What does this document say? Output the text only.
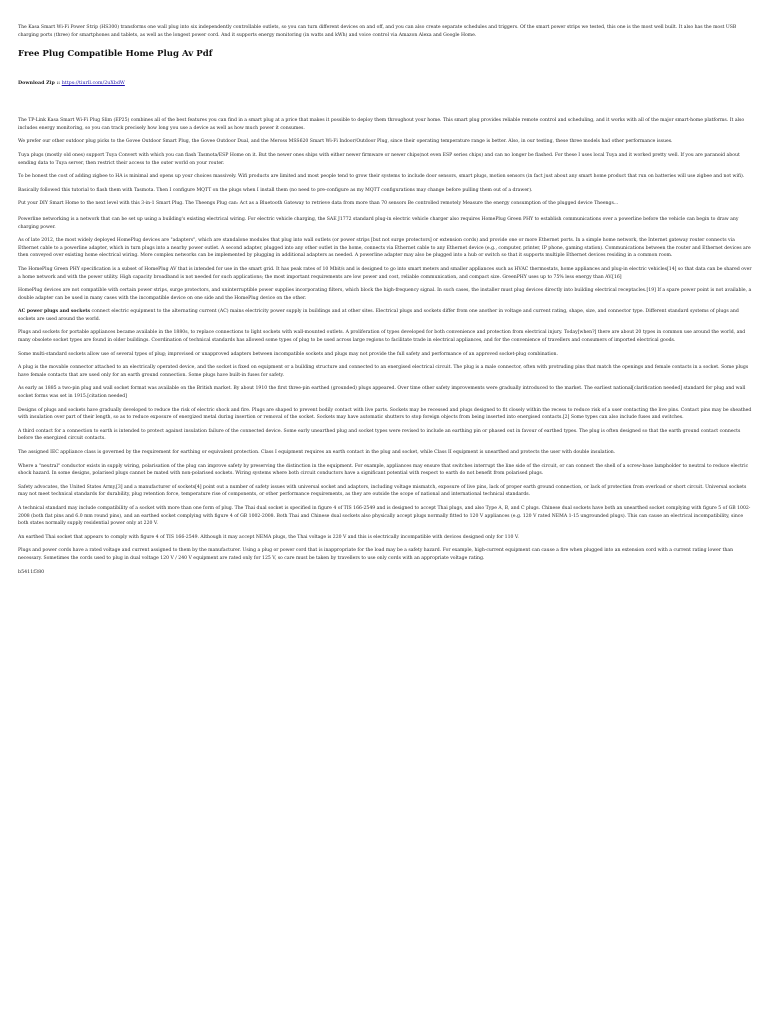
The Kasa Smart Wi-Fi Power Strip (HS300) transforms one wall plug into six independently controllable outlets, so you can turn different devices on and off, and you can also create separate schedules and triggers. Of the smart power strips we tested, this one is the most well built. It also has the most USB charging ports (three) for smartphones and tablets, as well as the longest power cord. And it supports energy monitoring (in watts and kWh) and voice control via Amazon Alexa and Google Home.

Free Plug Compatible Home Plug Av Pdf
Download Zip :: https://tiurll.com/2uXbdW

The TP-Link Kasa Smart Wi-Fi Plug Slim (EP25) combines all of the best features you can find in a smart plug at a price that makes it possible to deploy them throughout your home. This smart plug provides reliable remote control and scheduling, and it works with all of the major smart-home platforms. It also includes energy monitoring, so you can track precisely how long you use a device as well as how much power it consumes.

We prefer our other outdoor plug picks to the Govee Outdoor Smart Plug, the Govee Outdoor Dual, and the Meross MSS620 Smart Wi-Fi Indoor/Outdoor Plug, since their operating temperature range is better. Also, in our testing, these three models had other performance issues.

Tuya plugs (mostly old ones) support Tuya Convert with which you can flash Tasmota/ESP Home on it. But the newer ones ships with either newer firmware or newer chips(not even ESP series chips) and can no longer be flashed. For these I uses local Tuya and it worked pretty well. If you are paranoid about sending data to Tuya server, then restrict their access to the outer world on your router.

To be honest the cost of adding zigbee to HA is minimal and opens up your choices massively. Wifi products are limited and most people tend to grow their systems to include door sensors, smart plugs, motion sensors (in fact just about any smart home product that run on batteries will use zigbee and not wifi).

Basically followed this tutorial to flash them with Tasmota. Then I configure MQTT on the plugs when I install them (no need to pre-configure as my MQTT configurations may change before pulling them out of a drawer).

Put your DIY Smart Home to the next level with this 3-in-1 Smart Plug. The Theengs Plug can: Act as a Bluetooth Gateway to retrieve data from more than 70 sensors Be controlled remotely Measure the energy consumption of the plugged device Theengs...

Powerline networking is a network that can be set up using a building's existing electrical wiring. For electric vehicle charging, the SAE J1772 standard plug-in electric vehicle charger also requires HomePlug Green PHY to establish communications over a powerline before the vehicle can begin to draw any charging power.

As of late 2012, the most widely deployed HomePlug devices are "adapters", which are standalone modules that plug into wall outlets (or power strips [but not surge protectors] or extension cords) and provide one or more Ethernet ports. In a simple home network, the Internet gateway router connects via Ethernet cable to a powerline adapter, which in turn plugs into a nearby power outlet. A second adapter, plugged into any other outlet in the home, connects via Ethernet cable to any Ethernet device (e.g., computer, printer, IP phone, gaming station). Communications between the router and Ethernet devices are then conveyed over existing home electrical wiring. More complex networks can be implemented by plugging in additional adapters as needed. A powerline adapter may also be plugged into a hub or switch so that it supports multiple Ethernet devices residing in a common room.

The HomePlug Green PHY specification is a subset of HomePlug AV that is intended for use in the smart grid. It has peak rates of 10 Mbit/s and is designed to go into smart meters and smaller appliances such as HVAC thermostats, home appliances and plug-in electric vehicles[14] so that data can be shared over a home network and with the power utility. High capacity broadband is not needed for such applications; the most important requirements are low power and cost, reliable communication, and compact size. GreenPHY uses up to 75% less energy than AV.[16]

HomePlug devices are not compatible with certain power strips, surge protectors, and uninterruptible power supplies incorporating filters, which block the high-frequency signal. In such cases, the installer must plug devices directly into building electrical receptacles.[19] If a spare power point is not available, a double adapter can be used in many cases with the incompatible device on one side and the HomePlug device on the other.

AC power plugs and sockets connect electric equipment to the alternating current (AC) mains electricity power supply in buildings and at other sites. Electrical plugs and sockets differ from one another in voltage and current rating, shape, size, and connector type. Different standard systems of plugs and sockets are used around the world.

Plugs and sockets for portable appliances became available in the 1880s, to replace connections to light sockets with wall-mounted outlets. A proliferation of types developed for both convenience and protection from electrical injury. Today[when?] there are about 20 types in common use around the world, and many obsolete socket types are found in older buildings. Coordination of technical standards has allowed some types of plug to be used across large regions to facilitate trade in electrical appliances, and for the convenience of travellers and consumers of imported electrical goods.

Some multi-standard sockets allow use of several types of plug; improvised or unapproved adapters between incompatible sockets and plugs may not provide the full safety and performance of an approved socket-plug combination.

A plug is the movable connector attached to an electrically operated device, and the socket is fixed on equipment or a building structure and connected to an energised electrical circuit. The plug is a male connector, often with protruding pins that match the openings and female contacts in a socket. Some plugs have female contacts that are used only for an earth ground connection. Some plugs have built-in fuses for safety.

As early as 1885 a two-pin plug and wall socket format was available on the British market. By about 1910 the first three-pin earthed (grounded) plugs appeared. Over time other safety improvements were gradually introduced to the market. The earliest national[clarification needed] standard for plug and wall socket forms was set in 1915.[citation needed]

Designs of plugs and sockets have gradually developed to reduce the risk of electric shock and fire. Plugs are shaped to prevent bodily contact with live parts. Sockets may be recessed and plugs designed to fit closely within the recess to reduce risk of a user contacting the live pins. Contact pins may be sheathed with insulation over part of their length, so as to reduce exposure of energized metal during insertion or removal of the socket. Sockets may have automatic shutters to stop foreign objects from being inserted into energised contacts.[2] Some types can also include fuses and switches.

A third contact for a connection to earth is intended to protect against insulation failure of the connected device. Some early unearthed plug and socket types were revised to include an earthing pin or phased out in favour of earthed types. The plug is often designed so that the earth ground contact connects before the energized circuit contacts.

The assigned IEC appliance class is governed by the requirement for earthing or equivalent protection. Class I equipment requires an earth contact in the plug and socket, while Class II equipment is unearthed and protects the user with double insulation.

Where a "neutral" conductor exists in supply wiring, polarisation of the plug can improve safety by preserving the distinction in the equipment. For example, appliances may ensure that switches interrupt the line side of the circuit, or can connect the shell of a screw-base lampholder to neutral to reduce electric shock hazard. In some designs, polarised plugs cannot be mated with non-polarised sockets. Wiring systems where both circuit conductors have a significant potential with respect to earth do not benefit from polarised plugs.

Safety advocates, the United States Army,[3] and a manufacturer of sockets[4] point out a number of safety issues with universal socket and adaptors, including voltage mismatch, exposure of live pins, lack of proper earth ground connection, or lack of protection from overload or short circuit. Universal sockets may not meet technical standards for durability, plug retention force, temperature rise of components, or other performance requirements, as they are outside the scope of national and international technical standards.

A technical standard may include compatibility of a socket with more than one form of plug. The Thai dual socket is specified in figure 4 of TIS 166-2549 and is designed to accept Thai plugs, and also Type A, B, and C plugs. Chinese dual sockets have both an unearthed socket complying with figure 5 of GB 1002-2008 (both flat pins and 6.0 mm round pins), and an earthed socket complying with figure 4 of GB 1002-2008. Both Thai and Chinese dual sockets also physically accept plugs normally fitted to 120 V appliances (e.g. 120 V rated NEMA 1-15 ungrounded plugs). This can cause an electrical incompatibility, since both states normally supply residential power only at 220 V.

An earthed Thai socket that appears to comply with figure 4 of TIS 166-2549. Although it may accept NEMA plugs, the Thai voltage is 220 V and this is electrically incompatible with devices designed only for 110 V.

Plugs and power cords have a rated voltage and current assigned to them by the manufacturer. Using a plug or power cord that is inappropriate for the load may be a safety hazard. For example, high-current equipment can cause a fire when plugged into an extension cord with a current rating lower than necessary. Sometimes the cords used to plug in dual voltage 120 V / 240 V equipment are rated only for 125 V, so care must be taken by travellers to use only cords with an appropriate voltage rating.

b5411f380
